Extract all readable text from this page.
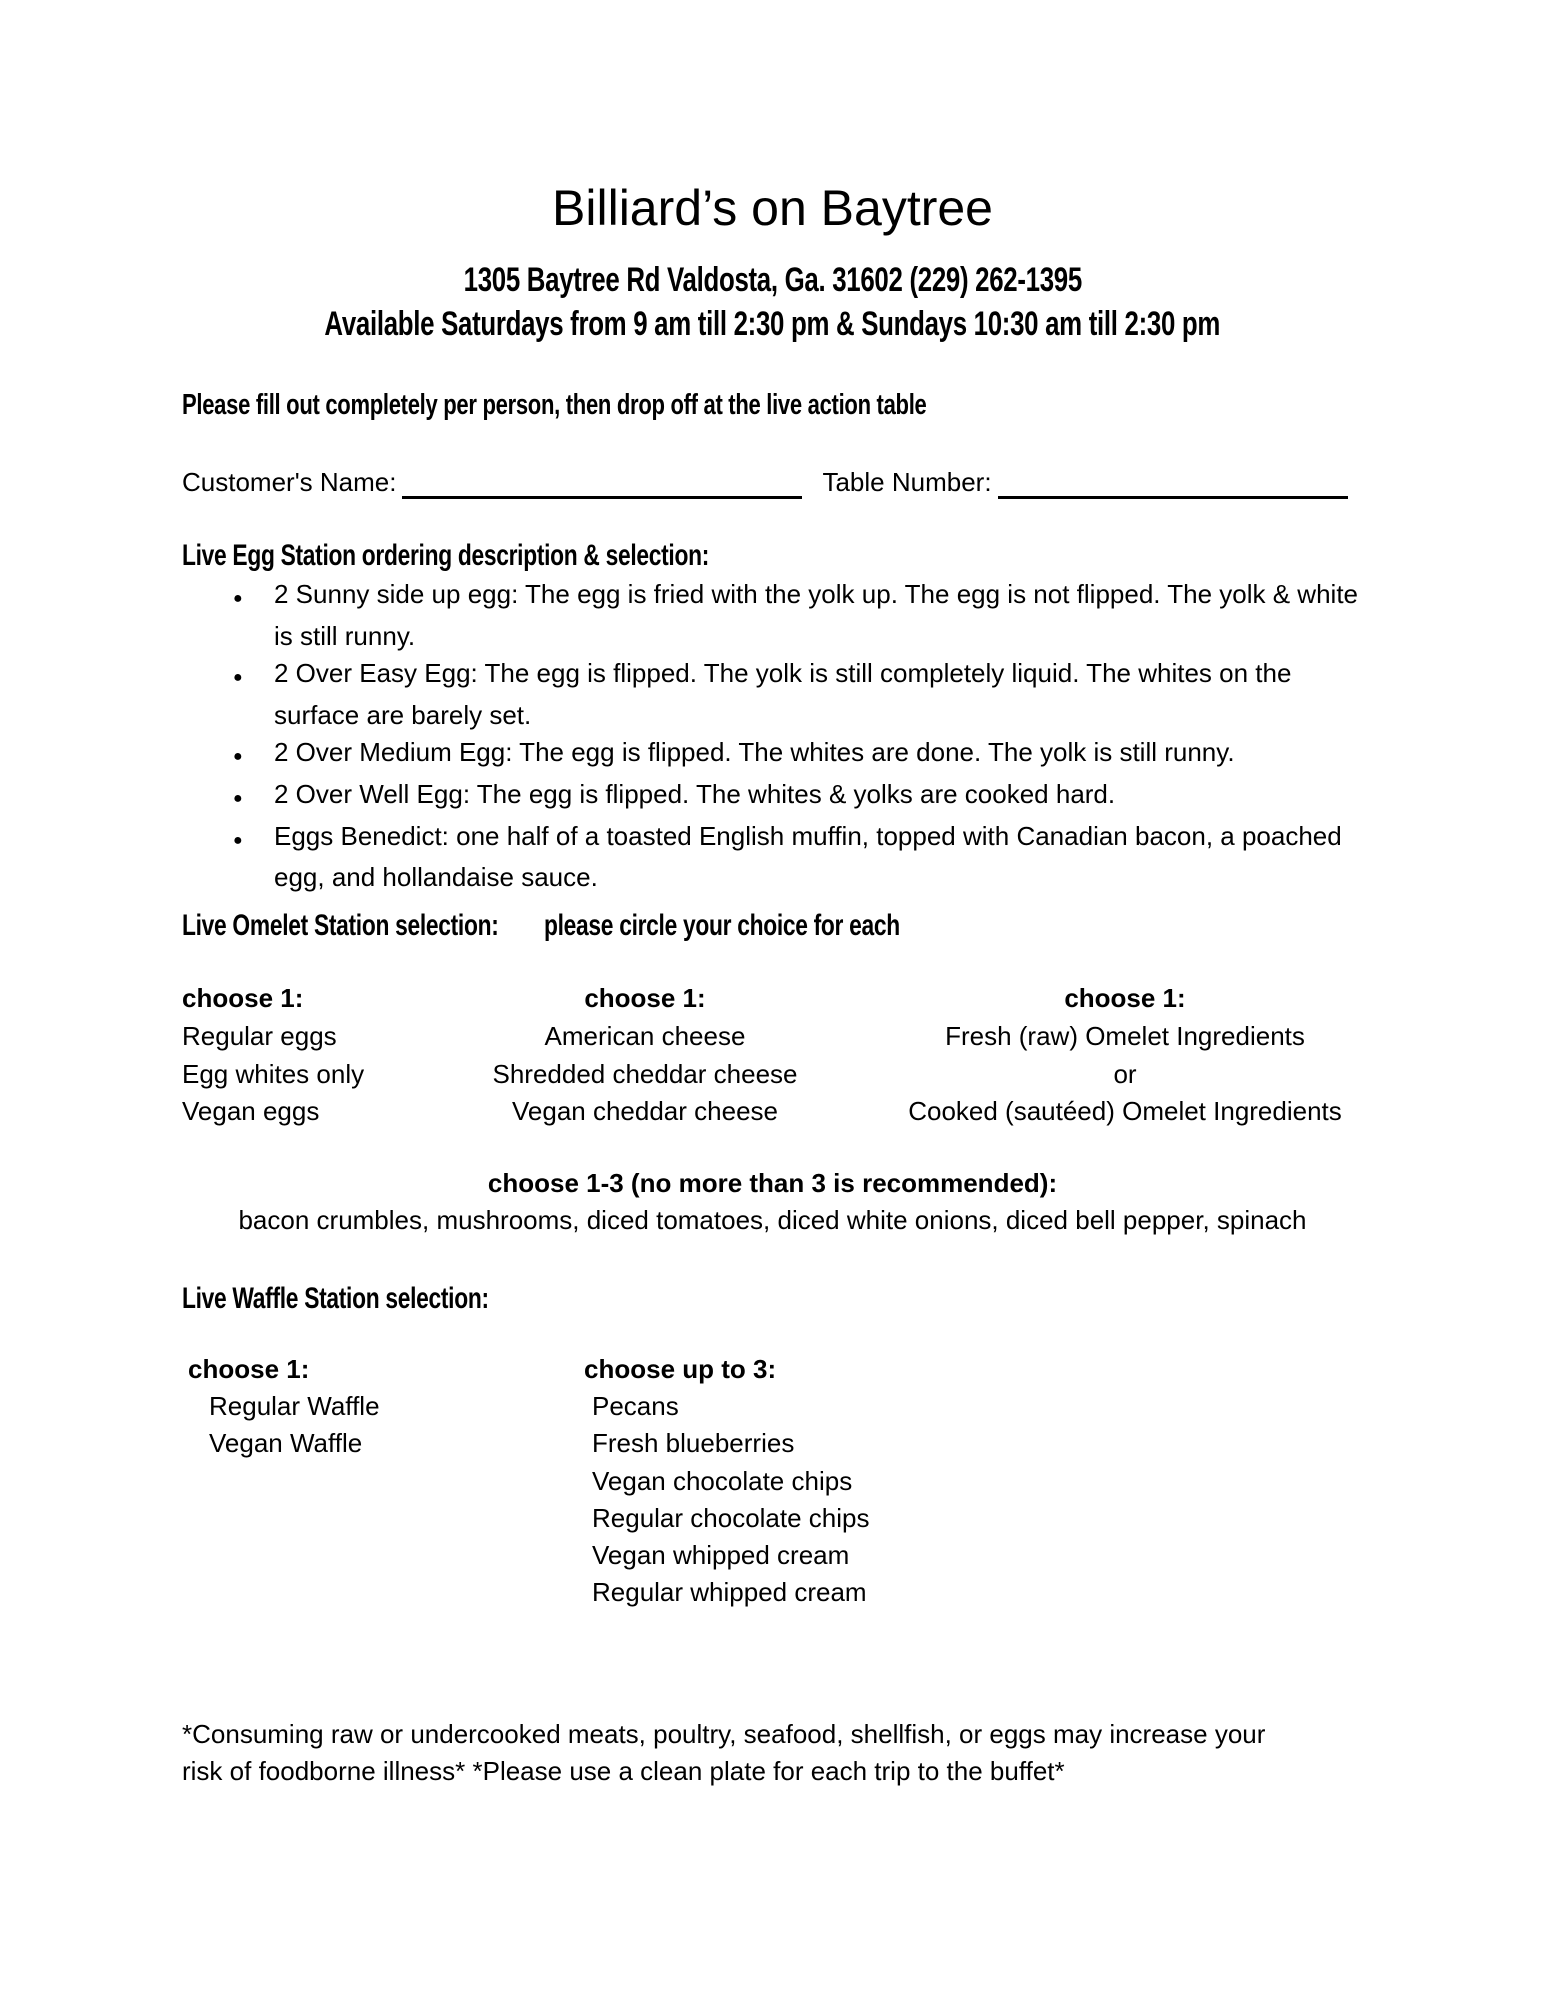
Billiard’s on Baytree
1305 Baytree Rd Valdosta, Ga. 31602 (229) 262-1395
Available Saturdays from 9 am till 2:30 pm & Sundays 10:30 am till 2:30 pm
Please fill out completely per person, then drop off at the live action table
Customer's Name:	Table Number:
Live Egg Station ordering description & selection:
● 2 Sunny side up egg: The egg is fried with the yolk up. The egg is not flipped. The yolk & white is still runny.
● 2 Over Easy Egg: The egg is flipped. The yolk is still completely liquid. The whites on the surface are barely set.
● 2 Over Medium Egg: The egg is flipped. The whites are done. The yolk is still runny.
● 2 Over Well Egg: The egg is flipped. The whites & yolks are cooked hard.
● Eggs Benedict: one half of a toasted English muffin, topped with Canadian bacon, a poached egg, and hollandaise sauce.
Live Omelet Station selection: please circle your choice for each
choose 1:
Regular eggs
Egg whites only
Vegan eggs
choose 1:
American cheese
Shredded cheddar cheese
Vegan cheddar cheese
choose 1:
Fresh (raw) Omelet Ingredients
or
Cooked (sautéed) Omelet Ingredients
choose 1-3 (no more than 3 is recommended):
bacon crumbles, mushrooms, diced tomatoes, diced white onions, diced bell pepper, spinach
Live Waffle Station selection:
choose 1:
Regular Waffle
Vegan Waffle
choose up to 3:
Pecans
Fresh blueberries
Vegan chocolate chips
Regular chocolate chips
Vegan whipped cream
Regular whipped cream
*Consuming raw or undercooked meats, poultry, seafood, shellfish, or eggs may increase your risk of foodborne illness* *Please use a clean plate for each trip to the buffet*
